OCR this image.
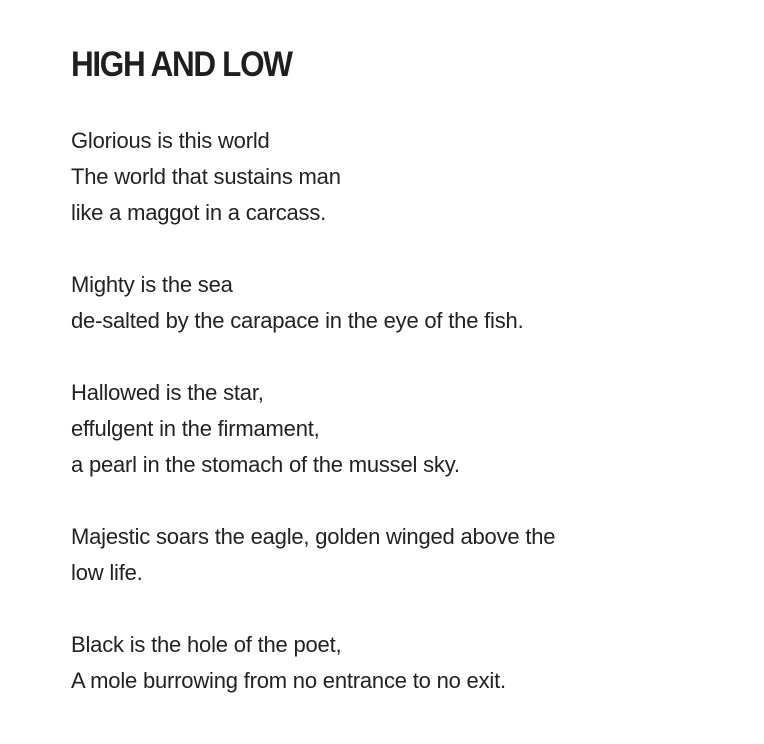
HIGH AND LOW
Glorious is this world
The world that sustains man
like a maggot in a carcass.
Mighty is the sea
de-salted by the carapace in the eye of the fish.
Hallowed is the star,
effulgent in the firmament,
a pearl in the stomach of the mussel sky.
Majestic soars the eagle, golden winged above the
low life.
Black is the hole of the poet,
A mole burrowing from no entrance to no exit.
